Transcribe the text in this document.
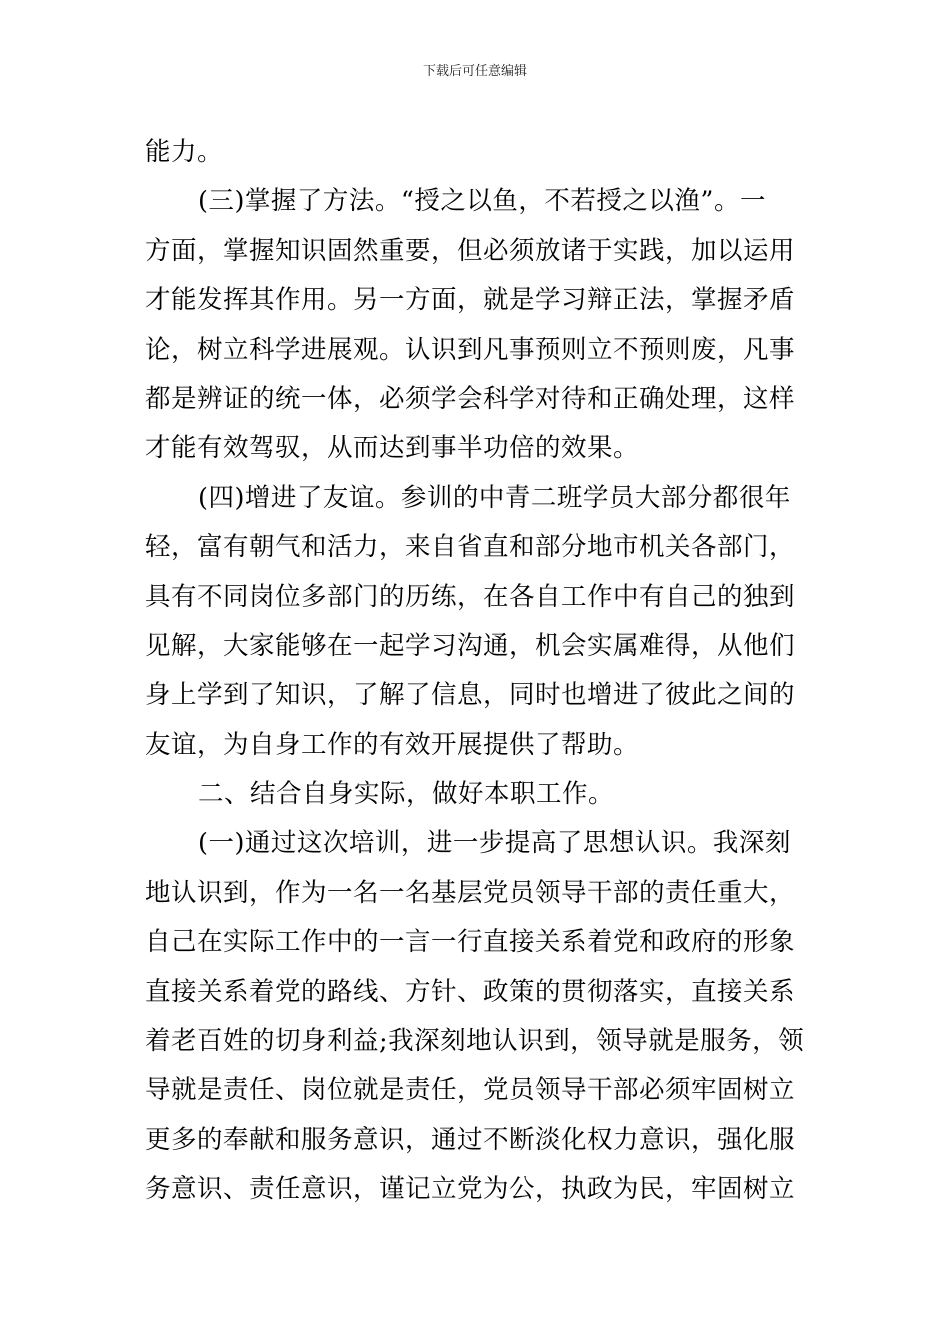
下载后可任意编辑
能力。
(三)掌握了方法。“授之以鱼，不若授之以渔”。一
方面，掌握知识固然重要，但必须放诸于实践，加以运用
才能发挥其作用。另一方面，就是学习辩正法，掌握矛盾
论，树立科学进展观。认识到凡事预则立不预则废，凡事
都是辨证的统一体，必须学会科学对待和正确处理，这样
才能有效驾驭，从而达到事半功倍的效果。
(四)增进了友谊。参训的中青二班学员大部分都很年
轻，富有朝气和活力，来自省直和部分地市机关各部门，
具有不同岗位多部门的历练，在各自工作中有自己的独到
见解，大家能够在一起学习沟通，机会实属难得，从他们
身上学到了知识，了解了信息，同时也增进了彼此之间的
友谊，为自身工作的有效开展提供了帮助。
二、结合自身实际，做好本职工作。
(一)通过这次培训，进一步提高了思想认识。我深刻
地认识到，作为一名一名基层党员领导干部的责任重大，
自己在实际工作中的一言一行直接关系着党和政府的形象
直接关系着党的路线、方针、政策的贯彻落实，直接关系
着老百姓的切身利益;我深刻地认识到，领导就是服务，领
导就是责任、岗位就是责任，党员领导干部必须牢固树立
更多的奉献和服务意识，通过不断淡化权力意识，强化服
务意识、责任意识，谨记立党为公，执政为民，牢固树立
